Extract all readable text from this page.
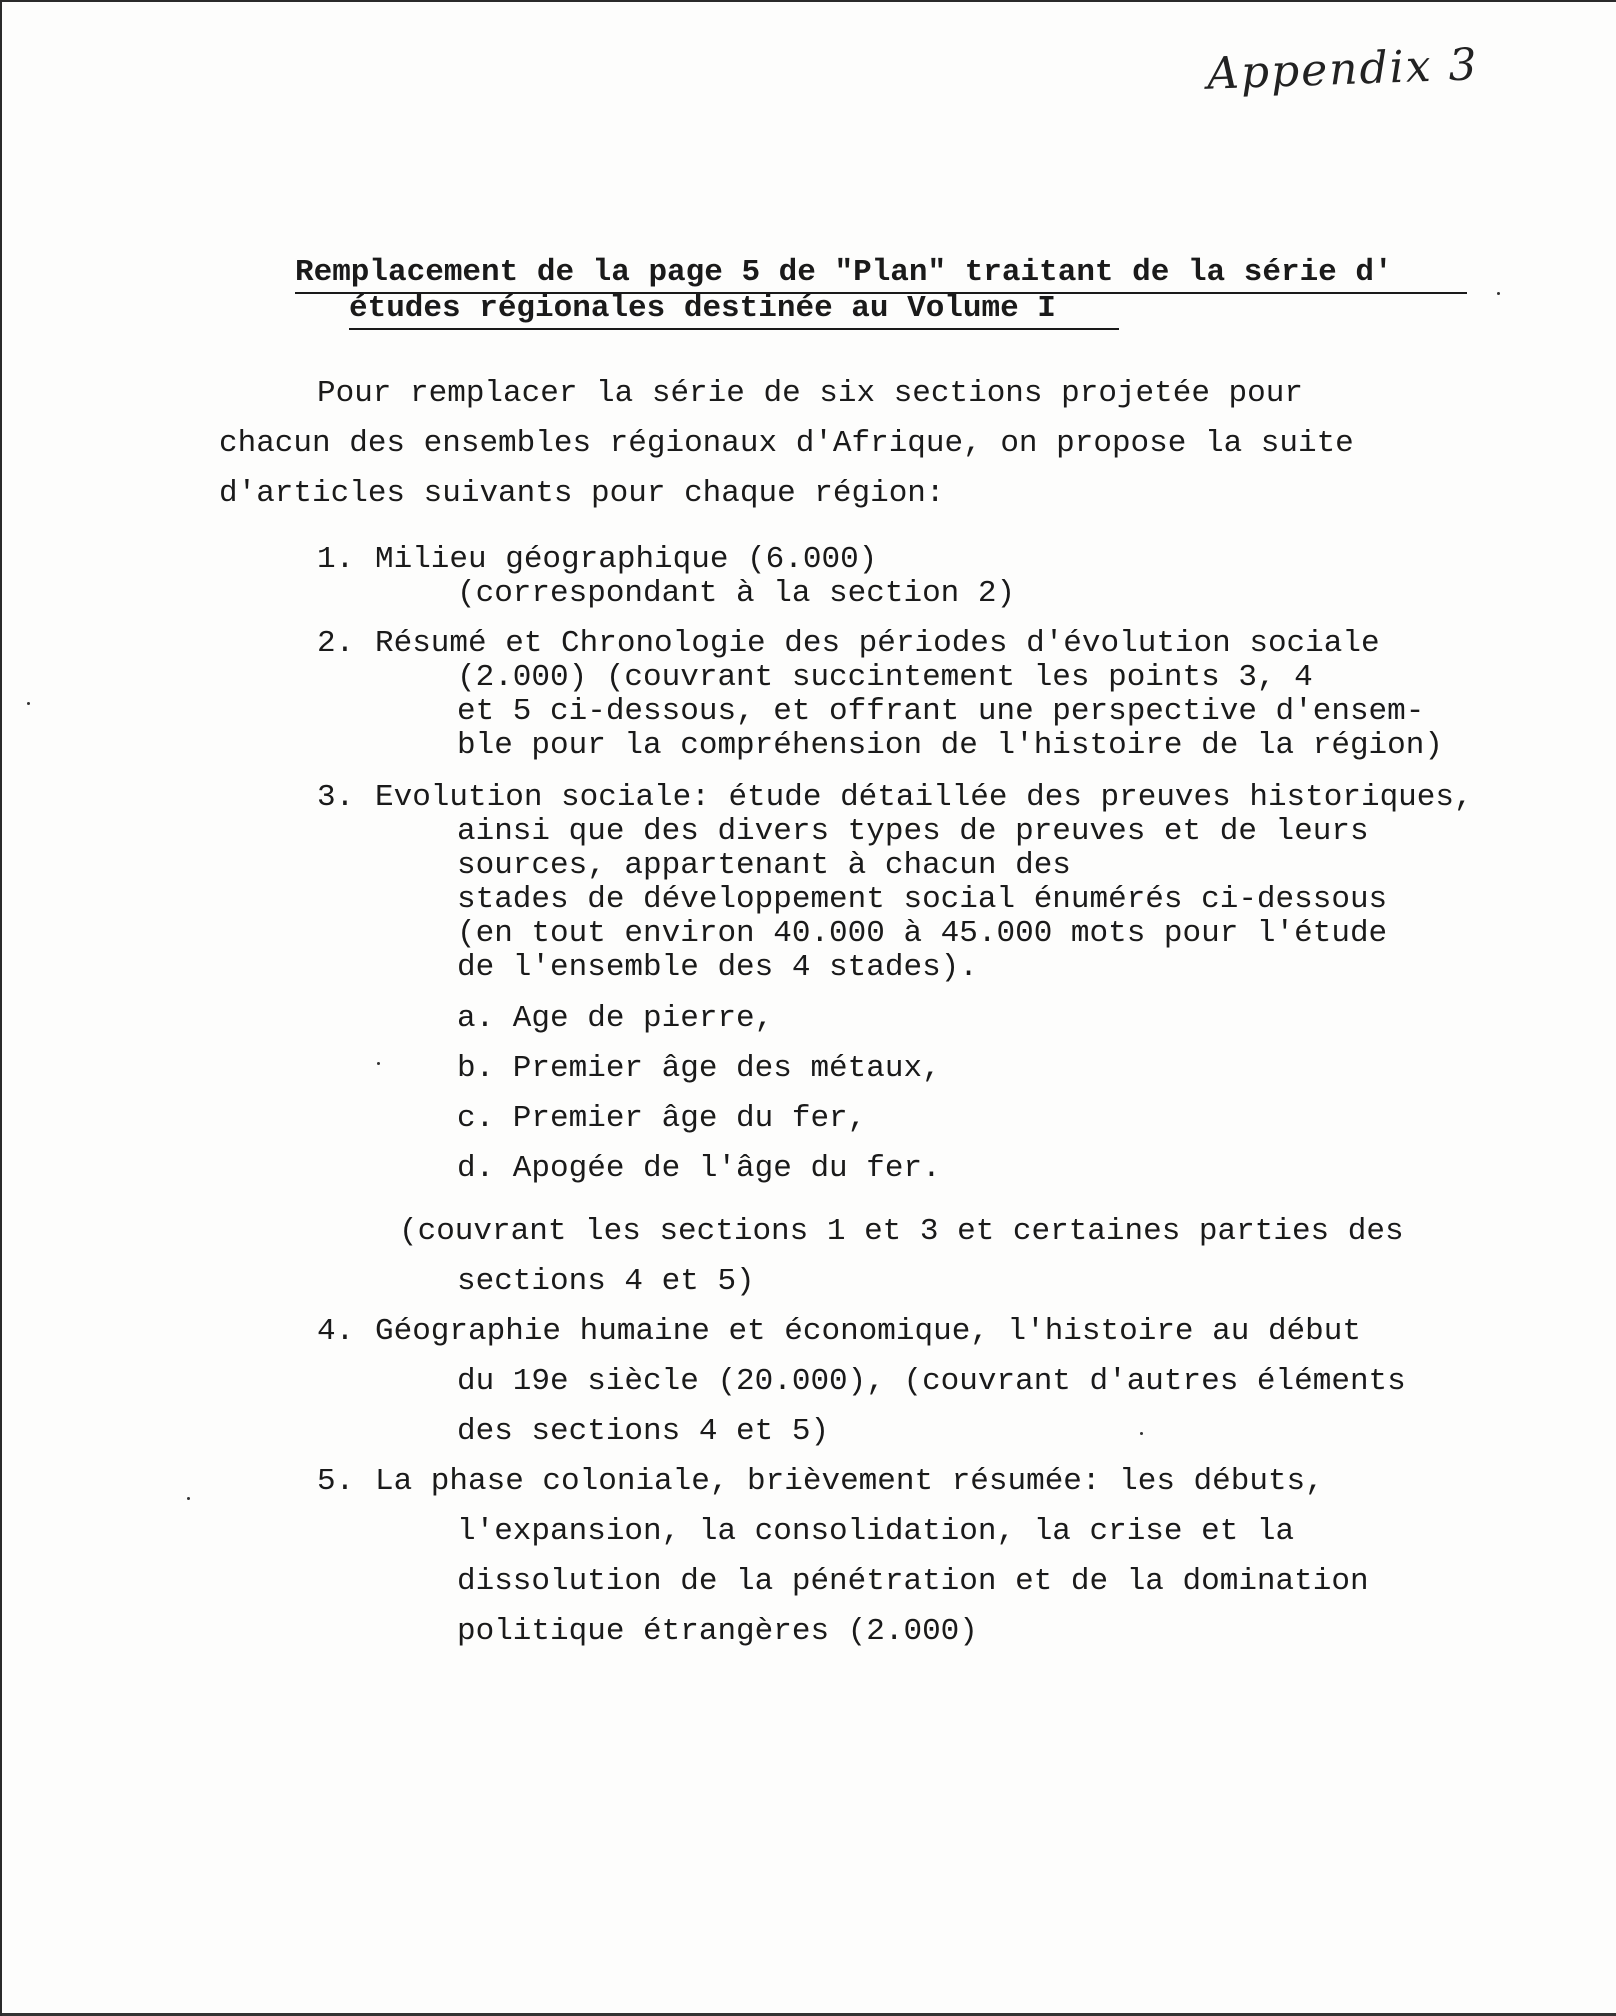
Appendix 3
Remplacement de la page 5 de "Plan" traitant de la série d'
études régionales destinée au Volume I
Pour remplacer la série de six sections projetée pour
chacun des ensembles régionaux d'Afrique, on propose la suite
d'articles suivants pour chaque région:
1. Milieu géographique (6.000)
(correspondant à la section 2)
2. Résumé et Chronologie des périodes d'évolution sociale
(2.000) (couvrant succintement les points 3, 4
et 5 ci-dessous, et offrant une perspective d'ensem-
ble pour la compréhension de l'histoire de la région)
3. Evolution sociale: étude détaillée des preuves historiques,
ainsi que des divers types de preuves et de leurs
sources, appartenant à chacun des
stades de développement social énumérés ci-dessous
(en tout environ 40.000 à 45.000 mots pour l'étude
de l'ensemble des 4 stades).
a. Age de pierre,
b. Premier âge des métaux,
c. Premier âge du fer,
d. Apogée de l'âge du fer.
(couvrant les sections 1 et 3 et certaines parties des
sections 4 et 5)
4. Géographie humaine et économique, l'histoire au début
du 19e siècle (20.000), (couvrant d'autres éléments
des sections 4 et 5)
5. La phase coloniale, brièvement résumée: les débuts,
l'expansion, la consolidation, la crise et la
dissolution de la pénétration et de la domination
politique étrangères (2.000)
